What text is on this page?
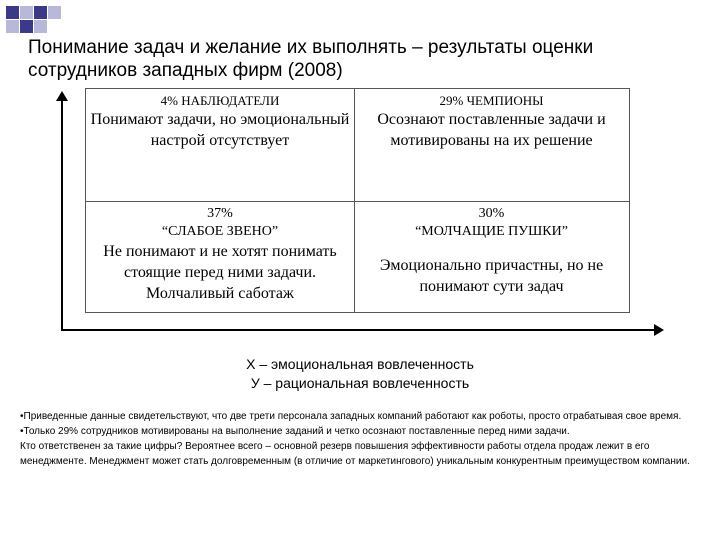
Понимание задач и желание их выполнять – результаты оценки сотрудников западных фирм (2008)
4% НАБЛЮДАТЕЛИ
Понимают задачи, но эмоциональный настрой отсутствует
29% ЧЕМПИОНЫ
Осознают поставленные задачи и мотивированы на их решение
37%
“СЛАБОЕ ЗВЕНО”
Не понимают и не хотят понимать стоящие перед ними задачи. Молчаливый саботаж
30%
“МОЛЧАЩИЕ ПУШКИ”
Эмоционально причастны, но не понимают сути задач
Х – эмоциональная вовлеченность
У – рациональная вовлеченность

•Приведенные данные свидетельствуют, что две трети персонала западных компаний работают как роботы, просто отрабатывая свое время.

•Только 29% сотрудников мотивированы на выполнение заданий и четко осознают поставленные перед ними задачи.

Кто ответственен за такие цифры? Вероятнее всего – основной резерв повышения эффективности работы отдела продаж лежит в его менеджменте. Менеджмент может стать долговременным (в отличие от маркетингового) уникальным конкурентным преимуществом компании.
